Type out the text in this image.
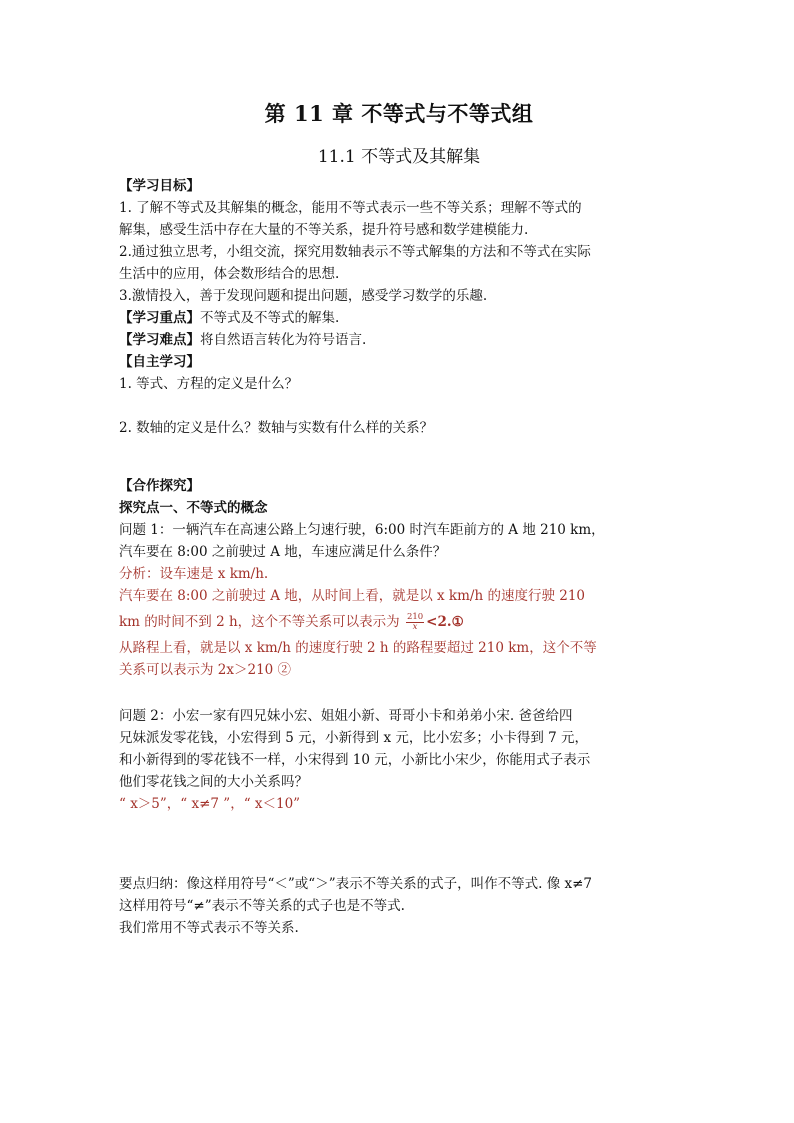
第 11 章 不等式与不等式组

11.1 不等式及其解集

【学习目标】

1. 了解不等式及其解集的概念，能用不等式表示一些不等关系；理解不等式的

解集，感受生活中存在大量的不等关系，提升符号感和数学建模能力.

2.通过独立思考，小组交流，探究用数轴表示不等式解集的方法和不等式在实际

生活中的应用，体会数形结合的思想.

3.激情投入，善于发现问题和提出问题，感受学习数学的乐趣.

【学习重点】不等式及不等式的解集.

【学习难点】将自然语言转化为符号语言.

【自主学习】

1. 等式、方程的定义是什么？

2. 数轴的定义是什么？数轴与实数有什么样的关系？

【合作探究】

探究点一、不等式的概念

问题 1：一辆汽车在高速公路上匀速行驶，6:00 时汽车距前方的 A 地 210 km，

汽车要在 8:00 之前驶过 A 地，车速应满足什么条件？

分析：设车速是 x km/h.

汽车要在 8:00 之前驶过 A 地，从时间上看，就是以 x km/h 的速度行驶 210

km 的时间不到 2 h，这个不等关系可以表示为 $\frac{210}{x}$ <2.①

从路程上看，就是以 x km/h 的速度行驶 2 h 的路程要超过 210 km，这个不等

关系可以表示为 2x＞210 ②

问题 2：小宏一家有四兄妹小宏、姐姐小新、哥哥小卡和弟弟小宋. 爸爸给四

兄妹派发零花钱，小宏得到 5 元，小新得到 x 元，比小宏多；小卡得到 7 元，

和小新得到的零花钱不一样，小宋得到 10 元，小新比小宋少，你能用式子表示

他们零花钱之间的大小关系吗？

“ x＞5”，“ x≠7 ”，“ x＜10”

要点归纳：像这样用符号“＜”或“＞”表示不等关系的式子，叫作不等式. 像 x≠7

这样用符号“≠”表示不等关系的式子也是不等式.

我们常用不等式表示不等关系.
